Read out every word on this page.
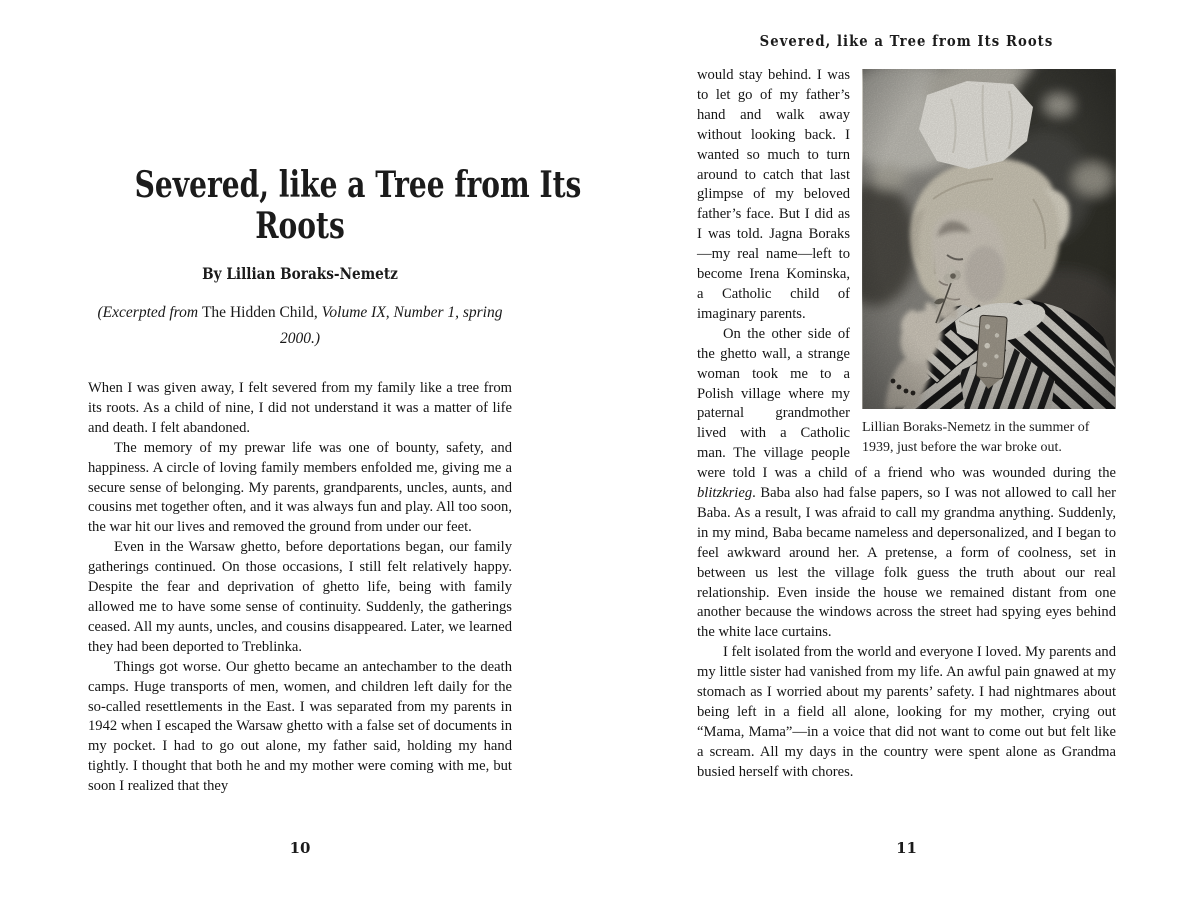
Severed, like a Tree from Its
Roots
By Lillian Boraks-Nemetz
(Excerpted from The Hidden Child, Volume IX, Number 1, spring 2000.)

When I was given away, I felt severed from my family like a tree from its roots. As a child of nine, I did not understand it was a matter of life and death. I felt abandoned.

The memory of my prewar life was one of bounty, safety, and happiness. A circle of loving family members enfolded me, giving me a secure sense of belonging. My parents, grandparents, uncles, aunts, and cousins met together often, and it was always fun and play. All too soon, the war hit our lives and removed the ground from under our feet.

Even in the Warsaw ghetto, before deportations began, our family gatherings continued. On those occasions, I still felt relatively happy. Despite the fear and deprivation of ghetto life, being with family allowed me to have some sense of continuity. Suddenly, the gatherings ceased. All my aunts, uncles, and cousins disappeared. Later, we learned they had been deported to Treblinka.

Things got worse. Our ghetto became an antechamber to the death camps. Huge transports of men, women, and children left daily for the so-called resettlements in the East. I was separated from my parents in 1942 when I escaped the Warsaw ghetto with a false set of documents in my pocket. I had to go out alone, my father said, holding my hand tightly. I thought that both he and my mother were coming with me, but soon I realized that they

10
Severed, like a Tree from Its Roots
Lillian Boraks-Nemetz in the summer of 1939, just before the war broke out.

would stay behind. I was to let go of my father’s hand and walk away without looking back. I wanted so much to turn around to catch that last glimpse of my beloved father’s face. But I did as I was told. Jagna Boraks—my real name—left to become Irena Kominska, a Catholic child of imaginary parents.

On the other side of the ghetto wall, a strange woman took me to a Polish village where my paternal grandmother lived with a Catholic man. The village people were told I was a child of a friend who was wounded during the blitzkrieg. Baba also had false papers, so I was not allowed to call her Baba. As a result, I was afraid to call my grandma anything. Suddenly, in my mind, Baba became nameless and depersonalized, and I began to feel awkward around her. A pretense, a form of coolness, set in between us lest the village folk guess the truth about our real relationship. Even inside the house we remained distant from one another because the windows across the street had spying eyes behind the white lace curtains.

I felt isolated from the world and everyone I loved. My parents and my little sister had vanished from my life. An awful pain gnawed at my stomach as I worried about my parents’ safety. I had nightmares about being left in a field all alone, looking for my mother, crying out “Mama, Mama”—in a voice that did not want to come out but felt like a scream. All my days in the country were spent alone as Grandma busied herself with chores.

11
